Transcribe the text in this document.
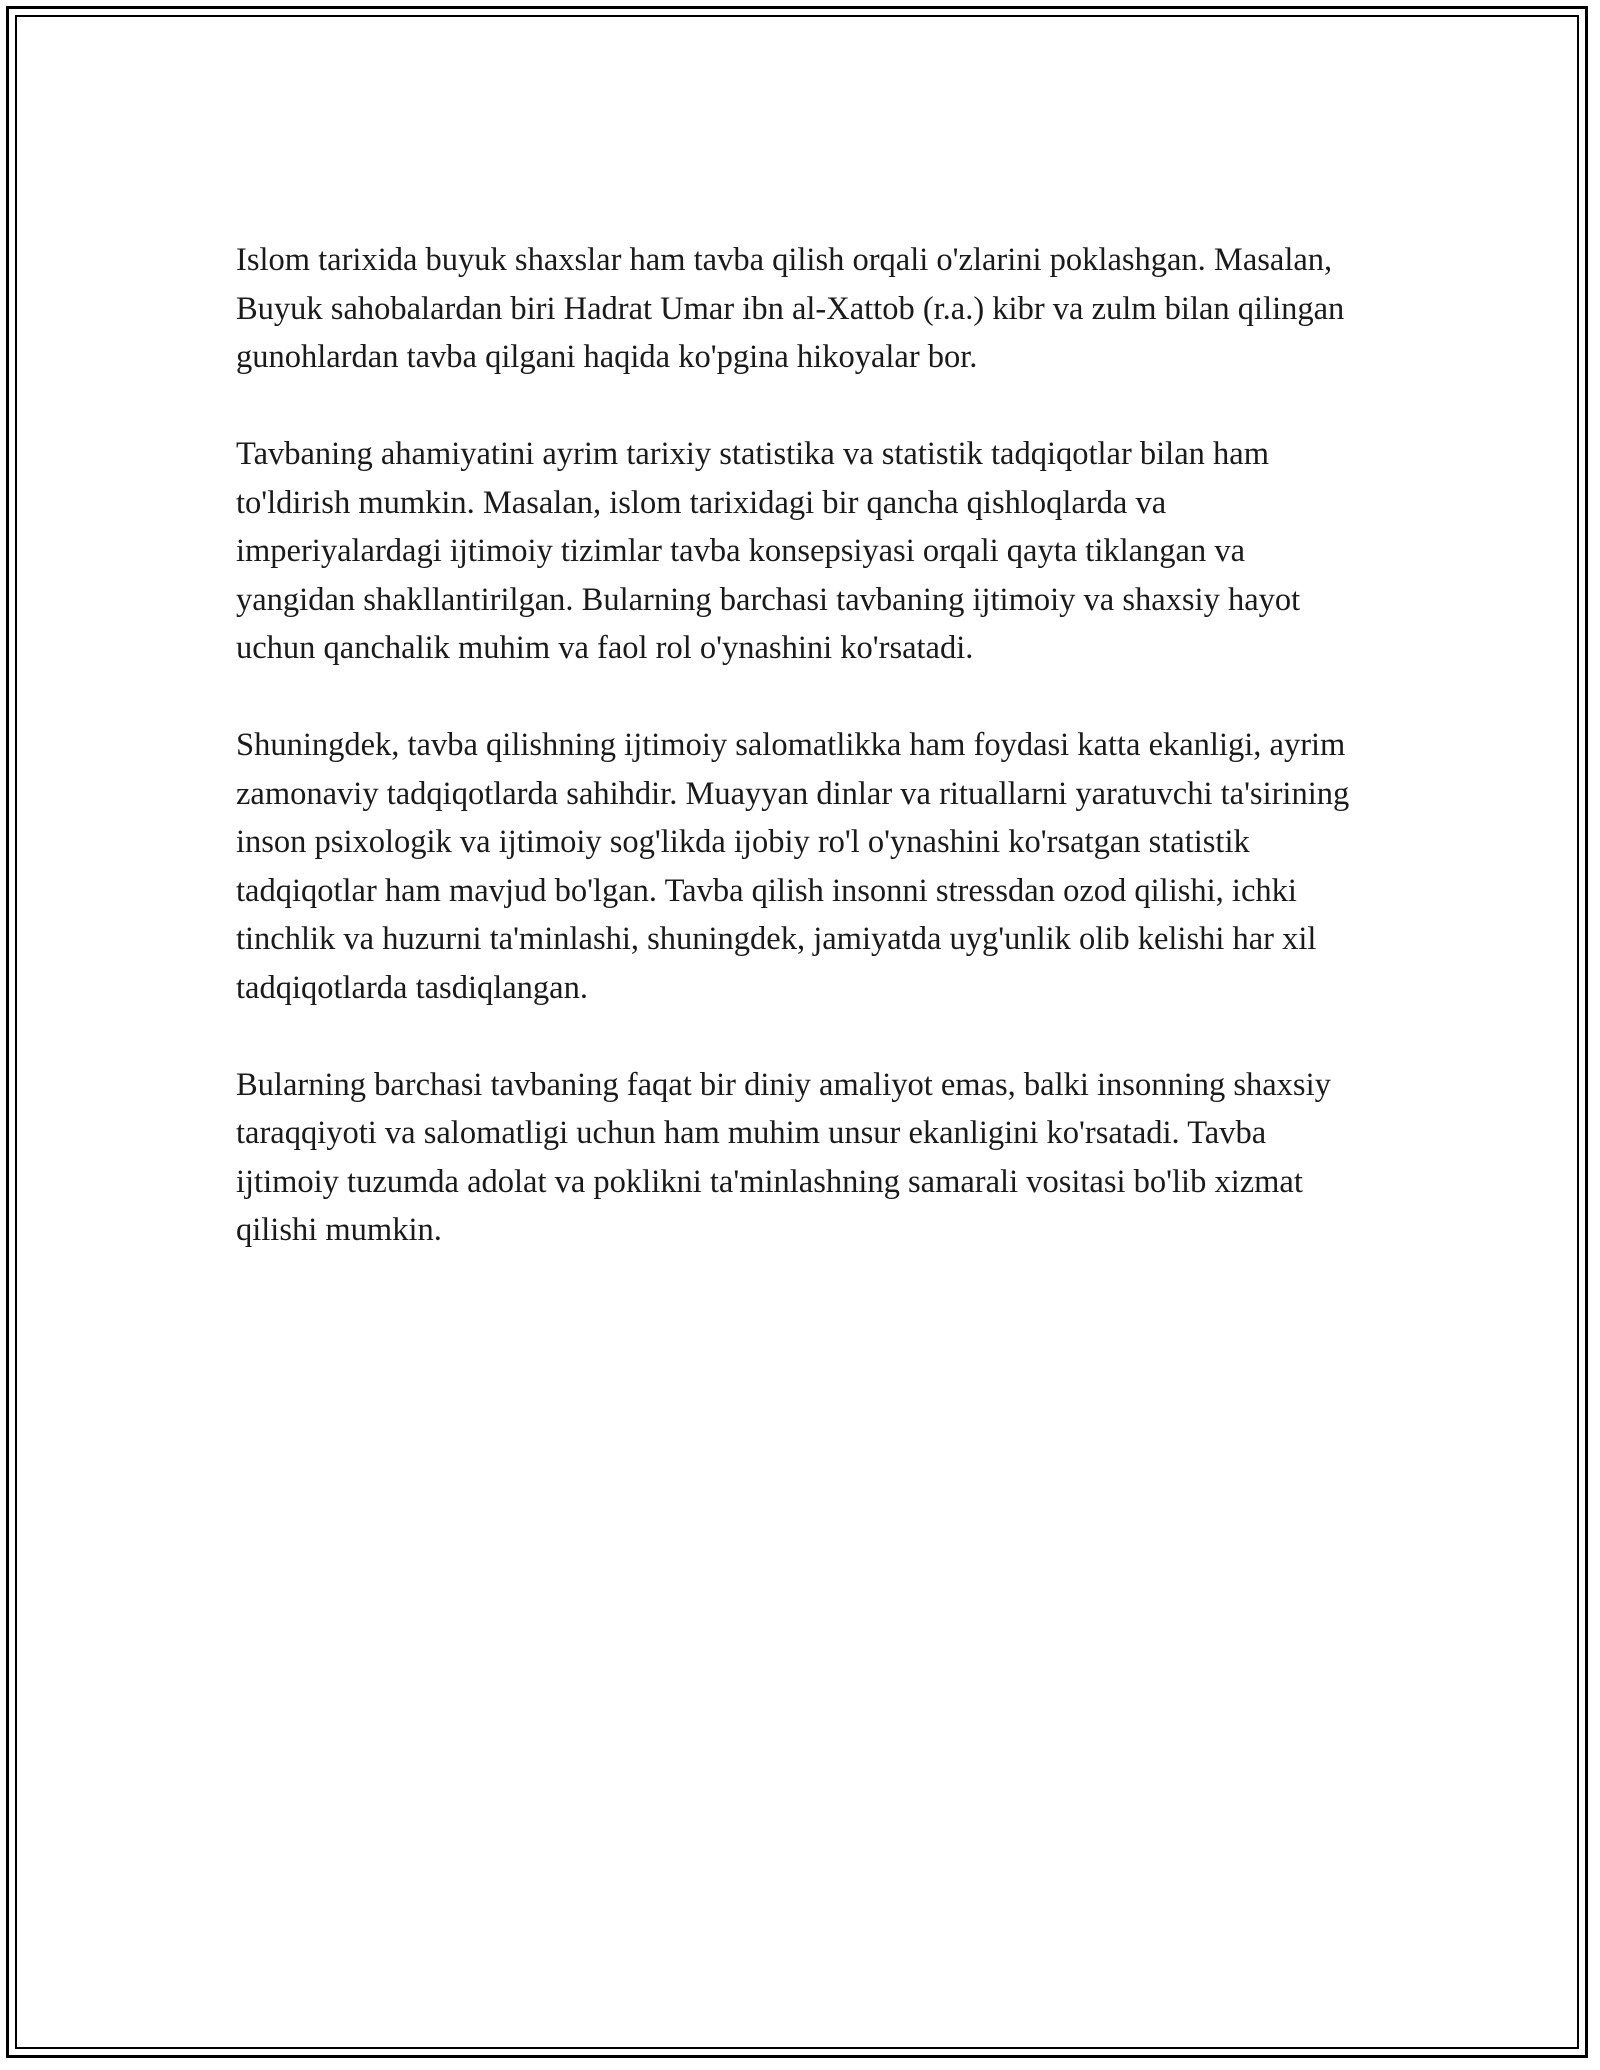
Islom tarixida buyuk shaxslar ham tavba qilish orqali o'zlarini poklashgan. Masalan, Buyuk sahobalardan biri Hadrat Umar ibn al-Xattob (r.a.) kibr va zulm bilan qilingan gunohlardan tavba qilgani haqida ko'pgina hikoyalar bor.

Tavbaning ahamiyatini ayrim tarixiy statistika va statistik tadqiqotlar bilan ham to'ldirish mumkin. Masalan, islom tarixidagi bir qancha qishloqlarda va imperiyalardagi ijtimoiy tizimlar tavba konsepsiyasi orqali qayta tiklangan va yangidan shakllantirilgan. Bularning barchasi tavbaning ijtimoiy va shaxsiy hayot uchun qanchalik muhim va faol rol o'ynashini ko'rsatadi.

Shuningdek, tavba qilishning ijtimoiy salomatlikka ham foydasi katta ekanligi, ayrim zamonaviy tadqiqotlarda sahihdir. Muayyan dinlar va rituallarni yaratuvchi ta'sirining inson psixologik va ijtimoiy sog'likda ijobiy ro'l o'ynashini ko'rsatgan statistik tadqiqotlar ham mavjud bo'lgan. Tavba qilish insonni stressdan ozod qilishi, ichki tinchlik va huzurni ta'minlashi, shuningdek, jamiyatda uyg'unlik olib kelishi har xil tadqiqotlarda tasdiqlangan.

Bularning barchasi tavbaning faqat bir diniy amaliyot emas, balki insonning shaxsiy taraqqiyoti va salomatligi uchun ham muhim unsur ekanligini ko'rsatadi. Tavba ijtimoiy tuzumda adolat va poklikni ta'minlashning samarali vositasi bo'lib xizmat qilishi mumkin.
